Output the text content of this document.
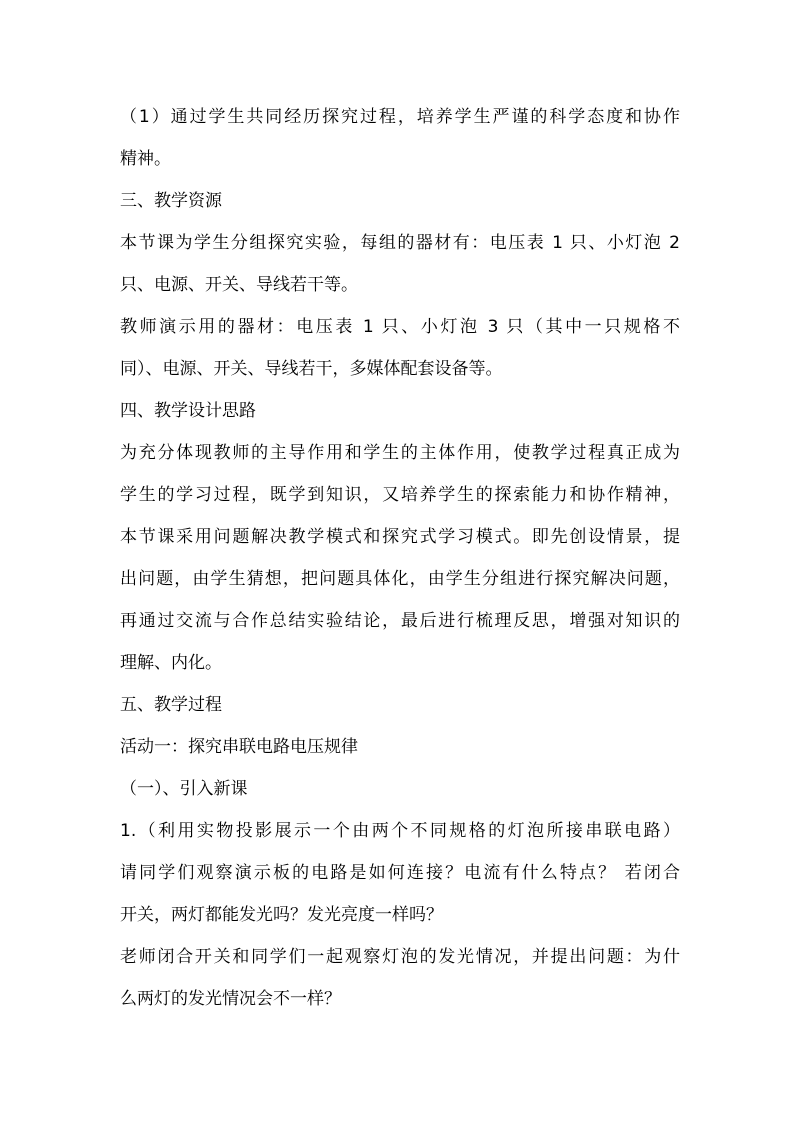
（1）通过学生共同经历探究过程，培养学生严谨的科学态度和协作
精神。
三、教学资源
本节课为学生分组探究实验，每组的器材有：电压表 1 只、小灯泡 2
只、电源、开关、导线若干等。
教师演示用的器材：电压表 1 只、小灯泡 3 只（其中一只规格不
同）、电源、开关、导线若干，多媒体配套设备等。
四、教学设计思路
为充分体现教师的主导作用和学生的主体作用，使教学过程真正成为
学生的学习过程，既学到知识，又培养学生的探索能力和协作精神，
本节课采用问题解决教学模式和探究式学习模式。即先创设情景，提
出问题，由学生猜想，把问题具体化，由学生分组进行探究解决问题，
再通过交流与合作总结实验结论，最后进行梳理反思，增强对知识的
理解、内化。
五、教学过程
活动一：探究串联电路电压规律
（一）、引入新课
1.（利用实物投影展示一个由两个不同规格的灯泡所接串联电路）
请同学们观察演示板的电路是如何连接？电流有什么特点？ 若闭合
开关，两灯都能发光吗？发光亮度一样吗？
老师闭合开关和同学们一起观察灯泡的发光情况，并提出问题：为什
么两灯的发光情况会不一样？
